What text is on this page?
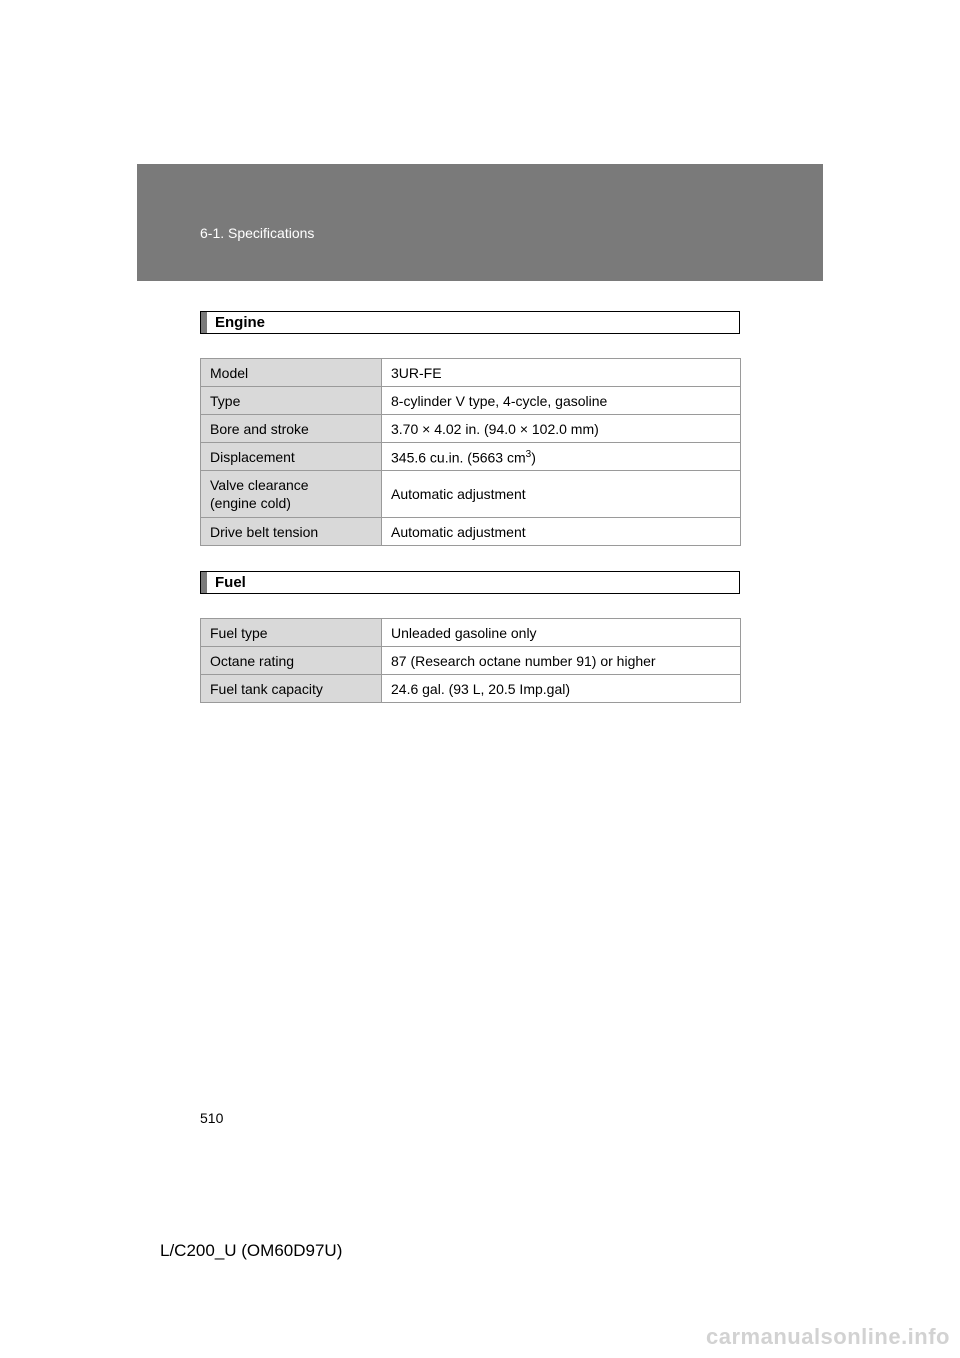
6-1. Specifications
Engine
Model	3UR-FE
Type	8-cylinder V type, 4-cycle, gasoline
Bore and stroke	3.70 × 4.02 in. (94.0 × 102.0 mm)
Displacement	345.6 cu.in. (5663 $cm^3$)
Valve clearance
(engine cold)	Automatic adjustment
Drive belt tension	Automatic adjustment
Fuel
Fuel type	Unleaded gasoline only
Octane rating	87 (Research octane number 91) or higher
Fuel tank capacity	24.6 gal. (93 L, 20.5 Imp.gal)
510
L/C200_U (OM60D97U)
carmanualsonline.info
